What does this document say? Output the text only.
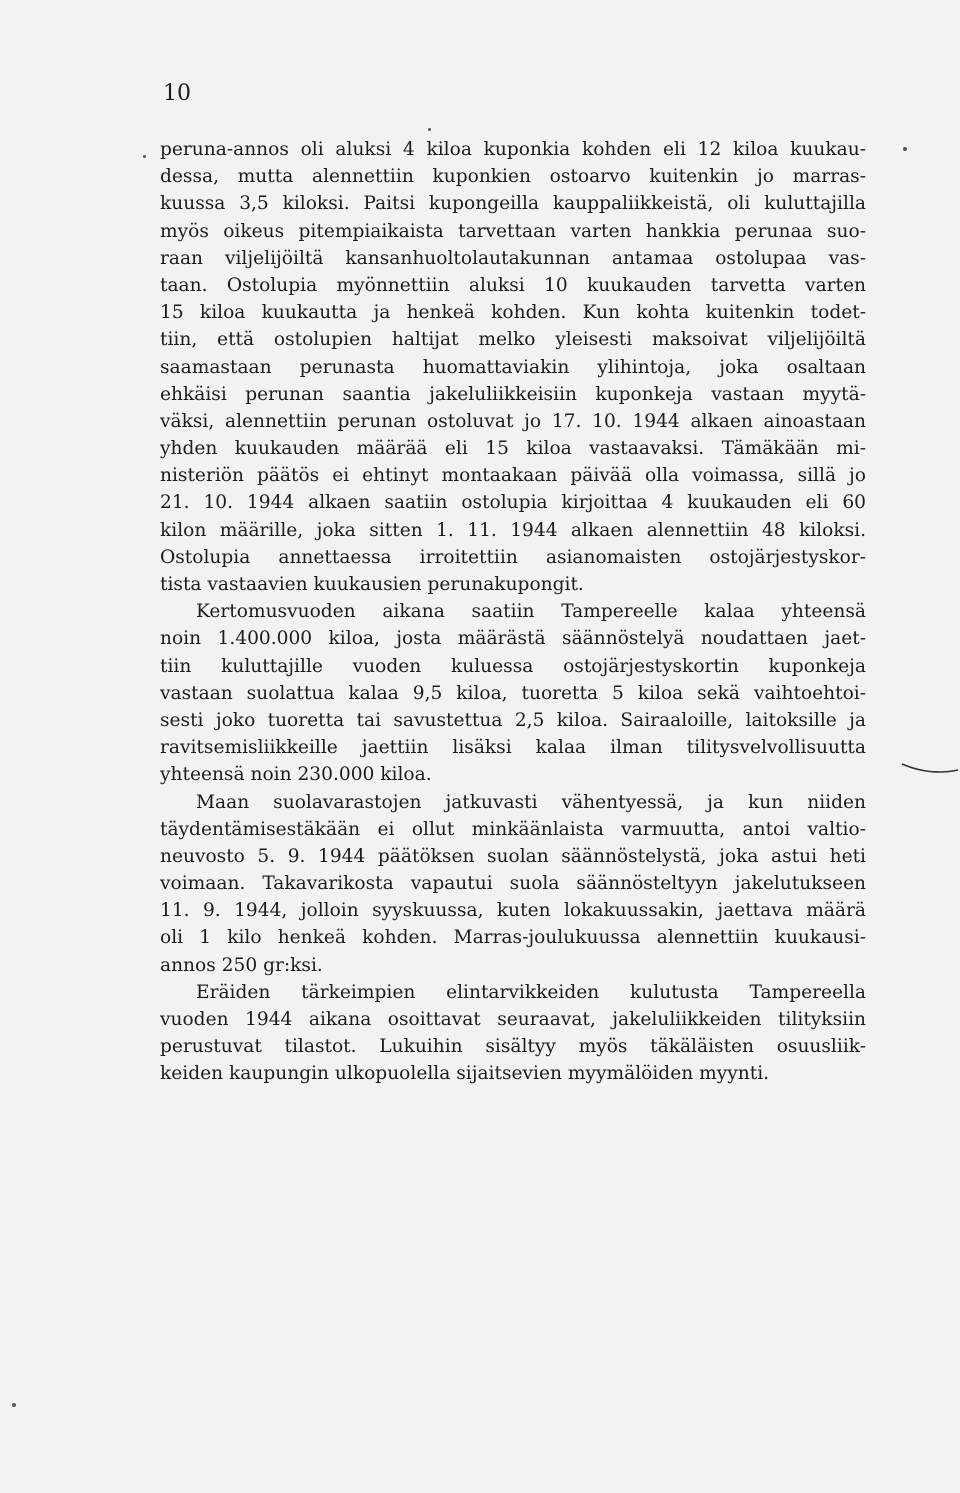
10
peruna-annos oli aluksi 4 kiloa kuponkia kohden eli 12 kiloa kuukau-
dessa, mutta alennettiin kuponkien ostoarvo kuitenkin jo marras-
kuussa 3,5 kiloksi. Paitsi kupongeilla kauppaliikkeistä, oli kuluttajilla
myös oikeus pitempiaikaista tarvettaan varten hankkia perunaa suo-
raan viljelijöiltä kansanhuoltolautakunnan antamaa ostolupaa vas-
taan. Ostolupia myönnettiin aluksi 10 kuukauden tarvetta varten
15 kiloa kuukautta ja henkeä kohden. Kun kohta kuitenkin todet-
tiin, että ostolupien haltijat melko yleisesti maksoivat viljelijöiltä
saamastaan perunasta huomattaviakin ylihintoja, joka osaltaan
ehkäisi perunan saantia jakeluliikkeisiin kuponkeja vastaan myytä-
väksi, alennettiin perunan ostoluvat jo 17. 10. 1944 alkaen ainoastaan
yhden kuukauden määrää eli 15 kiloa vastaavaksi. Tämäkään mi-
nisteriön päätös ei ehtinyt montaakaan päivää olla voimassa, sillä jo
21. 10. 1944 alkaen saatiin ostolupia kirjoittaa 4 kuukauden eli 60
kilon määrille, joka sitten 1. 11. 1944 alkaen alennettiin 48 kiloksi.
Ostolupia annettaessa irroitettiin asianomaisten ostojärjestyskor-
tista vastaavien kuukausien perunakupongit.
Kertomusvuoden aikana saatiin Tampereelle kalaa yhteensä
noin 1.400.000 kiloa, josta määrästä säännöstelyä noudattaen jaet-
tiin kuluttajille vuoden kuluessa ostojärjestyskortin kuponkeja
vastaan suolattua kalaa 9,5 kiloa, tuoretta 5 kiloa sekä vaihtoehtoi-
sesti joko tuoretta tai savustettua 2,5 kiloa. Sairaaloille, laitoksille ja
ravitsemisliikkeille jaettiin lisäksi kalaa ilman tilitysvelvollisuutta
yhteensä noin 230.000 kiloa.
Maan suolavarastojen jatkuvasti vähentyessä, ja kun niiden
täydentämisestäkään ei ollut minkäänlaista varmuutta, antoi valtio-
neuvosto 5. 9. 1944 päätöksen suolan säännöstelystä, joka astui heti
voimaan. Takavarikosta vapautui suola säännösteltyyn jakelutukseen
11. 9. 1944, jolloin syyskuussa, kuten lokakuussakin, jaettava määrä
oli 1 kilo henkeä kohden. Marras-joulukuussa alennettiin kuukausi-
annos 250 gr:ksi.
Eräiden tärkeimpien elintarvikkeiden kulutusta Tampereella
vuoden 1944 aikana osoittavat seuraavat, jakeluliikkeiden tilityksiin
perustuvat tilastot. Lukuihin sisältyy myös täkäläisten osuusliik-
keiden kaupungin ulkopuolella sijaitsevien myymälöiden myynti.
